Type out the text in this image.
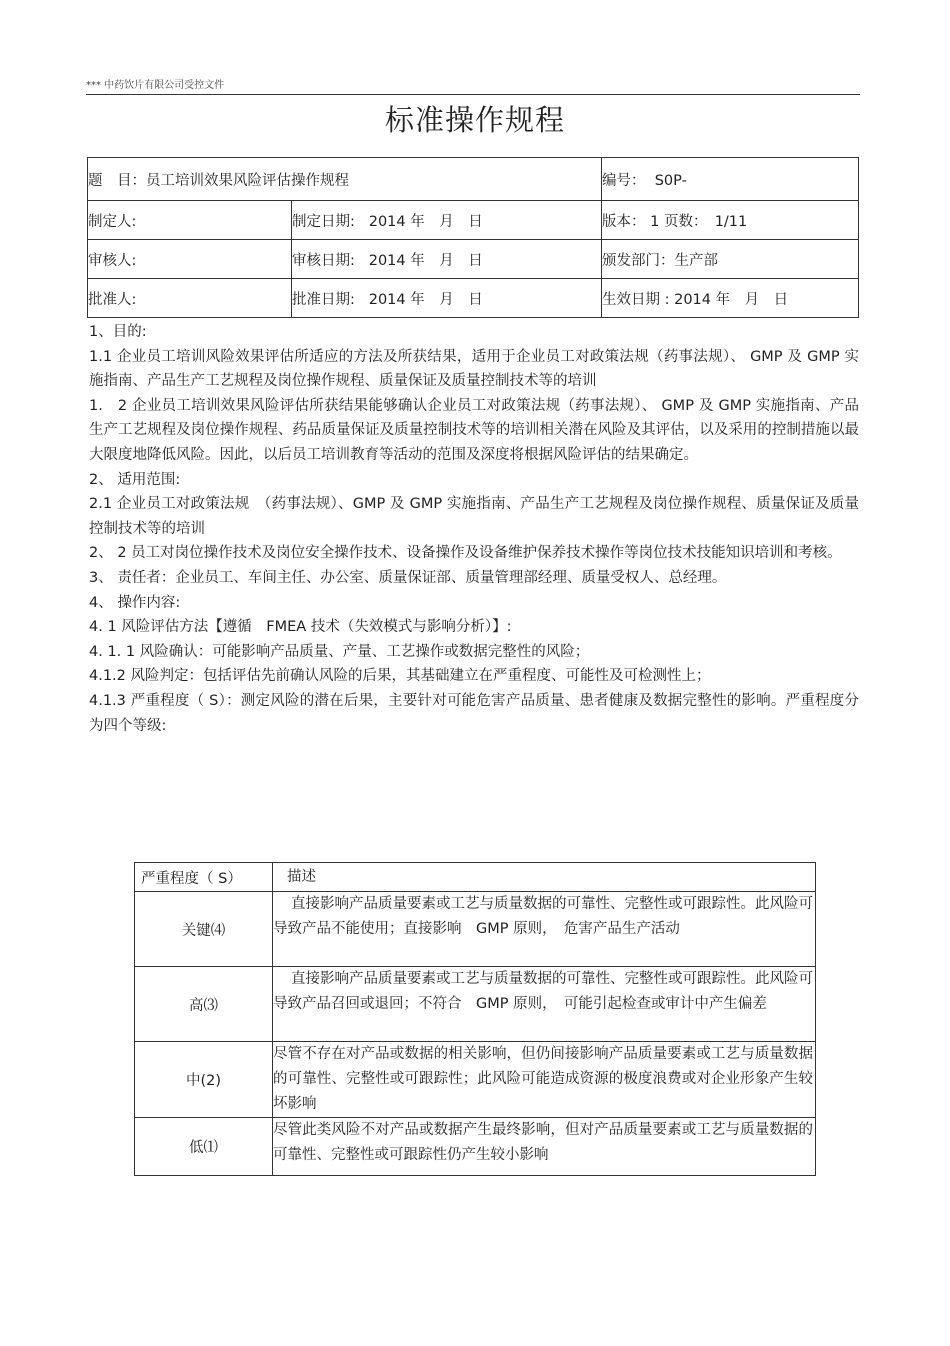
*** 中药饮片有限公司受控文件
标准操作规程
题　目：员工培训效果风险评估操作规程		编号： S0P-
制定人:	制定日期: 2014 年　月　日	版本： 1 页数：　1/11
审核人:	审核日期: 2014 年　月　日	颁发部门：生产部
批准人:	批准日期: 2014 年　月　日	生效日期 : 2014 年　月　日

1、目的:

1.1 企业员工培训风险效果评估所适应的方法及所获结果，适用于企业员工对政策法规（药事法规）、 GMP 及 GMP 实施指南、产品生产工艺规程及岗位操作规程、质量保证及质量控制技术等的培训

1.　2 企业员工培训效果风险评估所获结果能够确认企业员工对政策法规（药事法规）、 GMP 及 GMP 实施指南、产品生产工艺规程及岗位操作规程、药品质量保证及质量控制技术等的培训相关潜在风险及其评估，以及采用的控制措施以最大限度地降低风险。因此，以后员工培训教育等活动的范围及深度将根据风险评估的结果确定。

2、 适用范围:

2.1 企业员工对政策法规　（药事法规）、GMP 及 GMP 实施指南、产品生产工艺规程及岗位操作规程、质量保证及质量控制技术等的培训

2、 2 员工对岗位操作技术及岗位安全操作技术、设备操作及设备维护保养技术操作等岗位技术技能知识培训和考核。

3、 责任者：企业员工、车间主任、办公室、质量保证部、质量管理部经理、质量受权人、总经理。

4、 操作内容:

4. 1 风险评估方法【遵循　FMEA 技术（失效模式与影响分析）】:

4. 1. 1 风险确认：可能影响产品质量、产量、工艺操作或数据完整性的风险；

4.1.2 风险判定：包括评估先前确认风险的后果，其基础建立在严重程度、可能性及可检测性上；

4.1.3 严重程度（ S）：测定风险的潜在后果，主要针对可能危害产品质量、患者健康及数据完整性的影响。严重程度分为四个等级:

严重程度（ S）	描述
关键⑷	直接影响产品质量要素或工艺与质量数据的可靠性、完整性或可跟踪性。此风险可导致产品不能使用；直接影响　GMP 原则，　危害产品生产活动
高⑶	直接影响产品质量要素或工艺与质量数据的可靠性、完整性或可跟踪性。此风险可导致产品召回或退回；不符合　GMP 原则，　可能引起检查或审计中产生偏差
中(2)	尽管不存在对产品或数据的相关影响，但仍间接影响产品质量要素或工艺与质量数据的可靠性、完整性或可跟踪性；此风险可能造成资源的极度浪费或对企业形象产生较坏影响
低⑴	尽管此类风险不对产品或数据产生最终影响，但对产品质量要素或工艺与质量数据的可靠性、完整性或可跟踪性仍产生较小影响
